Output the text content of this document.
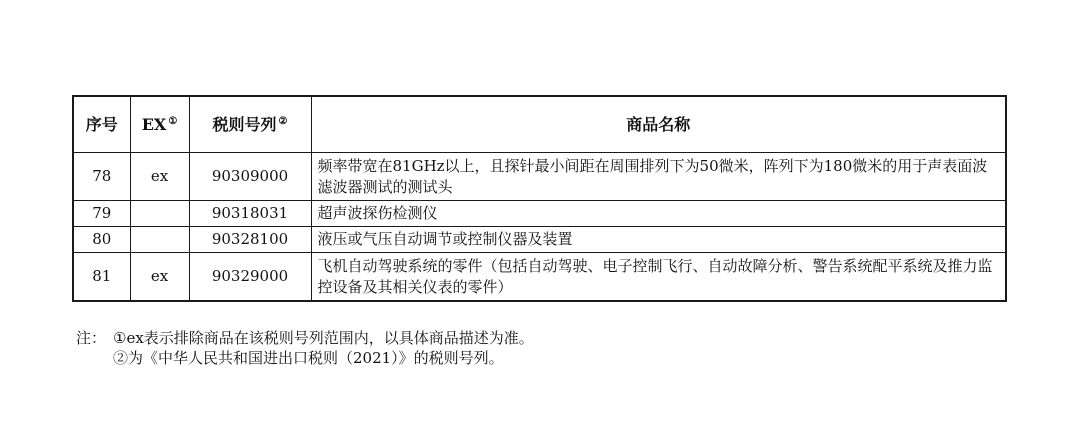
序号	EX ①	税则号列 ②	商品名称
78	ex	90309000	频率带宽在81GHz以上，且探针最小间距在周围排列下为50微米，阵列下为180微米的用于声表面波滤波器测试的测试头
79		90318031	超声波探伤检测仪
80		90328100	液压或气压自动调节或控制仪器及装置
81	ex	90329000	飞机自动驾驶系统的零件（包括自动驾驶、电子控制飞行、自动故障分析、警告系统配平系统及推力监控设备及其相关仪表的零件）
注： ①ex表示排除商品在该税则号列范围内，以具体商品描述为准。
②为《中华人民共和国进出口税则（2021）》的税则号列。
